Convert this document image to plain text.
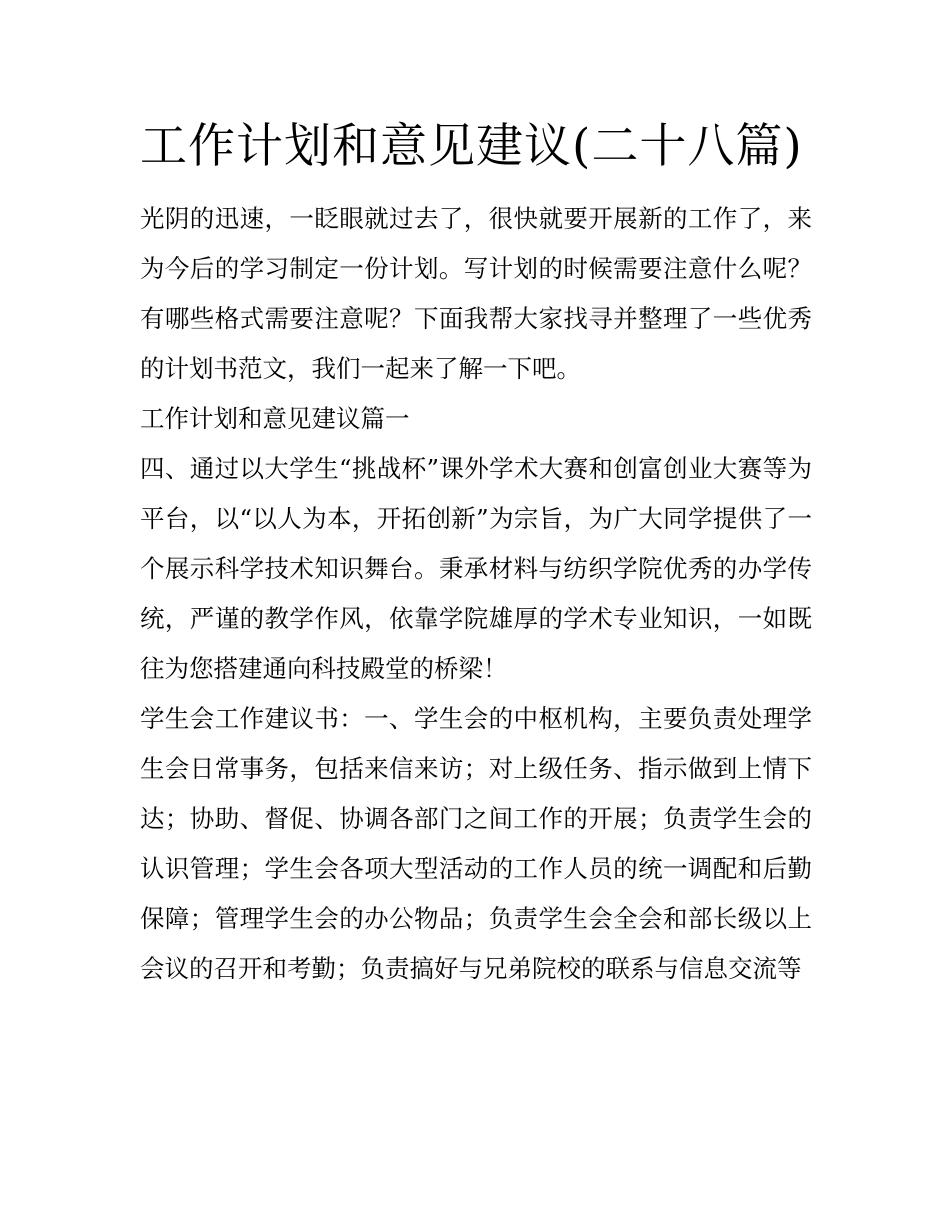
工作计划和意见建议(二十八篇)

光阴的迅速，一眨眼就过去了，很快就要开展新的工作了，来为今后的学习制定一份计划。写计划的时候需要注意什么呢？有哪些格式需要注意呢？下面我帮大家找寻并整理了一些优秀的计划书范文，我们一起来了解一下吧。

工作计划和意见建议篇一

四、通过以大学生“挑战杯”课外学术大赛和创富创业大赛等为平台，以“以人为本，开拓创新”为宗旨，为广大同学提供了一个展示科学技术知识舞台。秉承材料与纺织学院优秀的办学传统，严谨的教学作风，依靠学院雄厚的学术专业知识，一如既往为您搭建通向科技殿堂的桥梁！

学生会工作建议书：一、学生会的中枢机构，主要负责处理学生会日常事务，包括来信来访；对上级任务、指示做到上情下达；协助、督促、协调各部门之间工作的开展；负责学生会的认识管理；学生会各项大型活动的工作人员的统一调配和后勤保障；管理学生会的办公物品；负责学生会全会和部长级以上会议的召开和考勤；负责搞好与兄弟院校的联系与信息交流等
